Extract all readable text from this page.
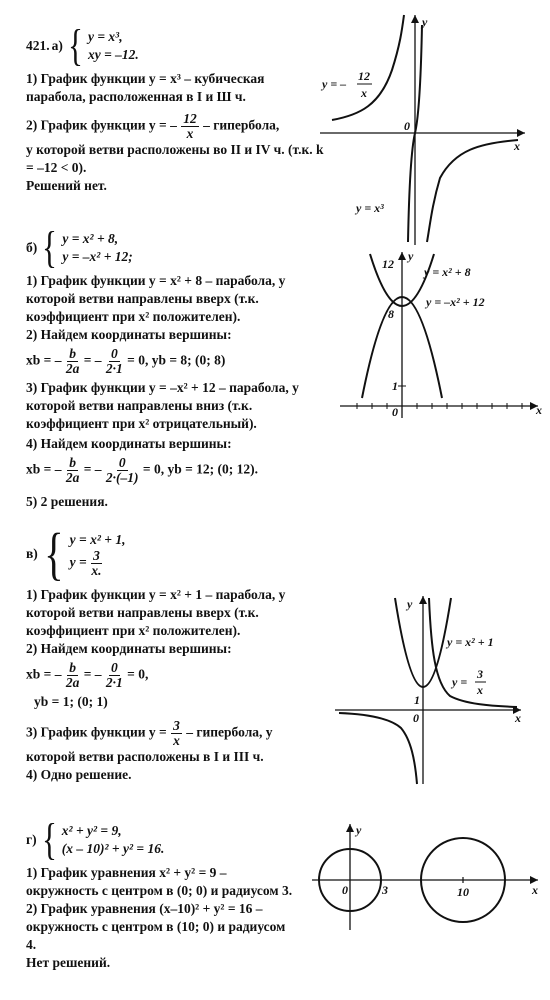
421. а) { y = x³,
xy = –12.

1) График функции y = x³ – кубическая парабола, расположенная в I и Ш ч.

2) График функции y = – $\frac{12}{x}$ – гипербола,

у которой ветви расположены во II и IV ч. (т.к. k = –12 < 0).

Решений нет.

б) { y = x² + 8,
y = –x² + 12;

1) График функции y = x² + 8 – парабола, у которой ветви направлены вверх (т.к. коэффициент при x² положителен).

2) Найдем координаты вершины:

xb = – $\frac{b}{2a}$ = – $\frac{0}{2\cdot 1} = 0$, yb = 8; (0; 8)

3) График функции y = –x² + 12 – парабола, у которой ветви направлены вниз (т.к. коэффициент при x² отрицательный).

4) Найдем координаты вершины:

xb = – $\frac{b}{2a}$ = – $\frac{0}{2\cdot(-1)} = 0$, yb = 12; (0; 12).

5) 2 решения.

в) { y = x² + 1,
$y = \frac{3}{x.}$

1) График функции y = x² + 1 – парабола, у которой ветви направлены вверх (т.к. коэффициент при x² положителен).

2) Найдем координаты вершины:

xb = – $\frac{b}{2a}$ = – $\frac{0}{2\cdot 1} = 0$,

yb = 1; (0; 1)

3) График функции $y = \frac{3}{x}$ – гипербола, у

которой ветви расположены в I и III ч.

4) Одно решение.

г) { x² + y² = 9,
(x – 10)² + y² = 16.

1) График уравнения x² + y² = 9 – окружность с центром в (0; 0) и радиусом 3.

2) График уравнения (x–10)² + y² = 16 – окружность с центром в (10; 0) и радиусом 4.

Нет решений.

0
y
x
y = –
12
x
y = x³
12
8
1
0
y
x
y = x² + 8
y = –x² + 12
1
0
y
x
y = x² + 1
y =
3
x
y
0	3	10	x
